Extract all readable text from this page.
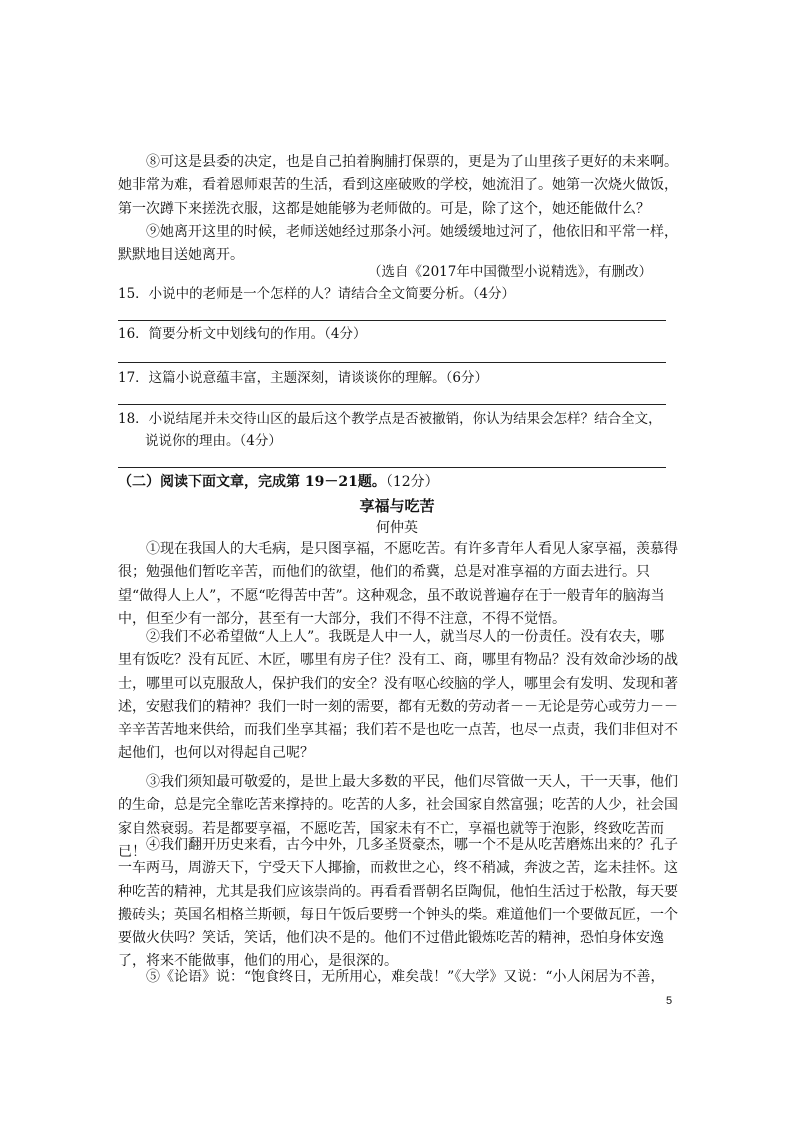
⑧可这是县委的决定，也是自己拍着胸脯打保票的，更是为了山里孩子更好的未来啊。她非常为难，看着恩师艰苦的生活，看到这座破败的学校，她流泪了。她第一次烧火做饭，第一次蹲下来搓洗衣服，这都是她能够为老师做的。可是，除了这个，她还能做什么？

⑨她离开这里的时候，老师送她经过那条小河。她缓缓地过河了，他依旧和平常一样，默默地目送她离开。

（选自《2017年中国微型小说精选》，有删改）
15．小说中的老师是一个怎样的人？请结合全文简要分析。（4分）
16．简要分析文中划线句的作用。（4分）
17．这篇小说意蕴丰富，主题深刻，请谈谈你的理解。（6分）
18．小说结尾并未交待山区的最后这个教学点是否被撤销，你认为结果会怎样？结合全文，
说说你的理由。（4分）
（二）阅读下面文章，完成第 19－21题。（12分）
享福与吃苦
何仲英

①现在我国人的大毛病，是只图享福，不愿吃苦。有许多青年人看见人家享福，羡慕得很；勉强他们暂吃辛苦，而他们的欲望，他们的希冀，总是对准享福的方面去进行。只望“做得人上人”，不愿“吃得苦中苦”。这种观念，虽不敢说普遍存在于一般青年的脑海当中，但至少有一部分，甚至有一大部分，我们不得不注意，不得不觉悟。

②我们不必希望做“人上人”。我既是人中一人，就当尽人的一份责任。没有农夫，哪里有饭吃？没有瓦匠、木匠，哪里有房子住？没有工、商，哪里有物品？没有效命沙场的战士，哪里可以克服敌人，保护我们的安全？没有呕心绞脑的学人，哪里会有发明、发现和著述，安慰我们的精神？我们一时一刻的需要，都有无数的劳动者－－无论是劳心或劳力－－辛辛苦苦地来供给，而我们坐享其福；我们若不是也吃一点苦，也尽一点责，我们非但对不起他们，也何以对得起自己呢？

③我们须知最可敬爱的，是世上最大多数的平民，他们尽管做一天人，干一天事，他们的生命，总是完全靠吃苦来撑持的。吃苦的人多，社会国家自然富强；吃苦的人少，社会国家自然衰弱。若是都要享福，不愿吃苦，国家未有不亡，享福也就等于泡影，终致吃苦而已！ ④我们翻开历史来看，古今中外，几多圣贤豪杰，哪一个不是从吃苦磨炼出来的？孔子一车两马，周游天下，宁受天下人揶揄，而救世之心，终不稍减，奔波之苦，迄未挂怀。这种吃苦的精神，尤其是我们应该崇尚的。再看看晋朝名臣陶侃，他怕生活过于松散，每天要搬砖头；英国名相格兰斯顿，每日午饭后要劈一个钟头的柴。难道他们一个要做瓦匠，一个要做火伕吗？笑话，笑话，他们决不是的。他们不过借此锻炼吃苦的精神，恐怕身体安逸了，将来不能做事，他们的用心，是很深的。

⑤《论语》说：“饱食终日，无所用心，难矣哉！”《大学》又说：“小人闲居为不善，

5
